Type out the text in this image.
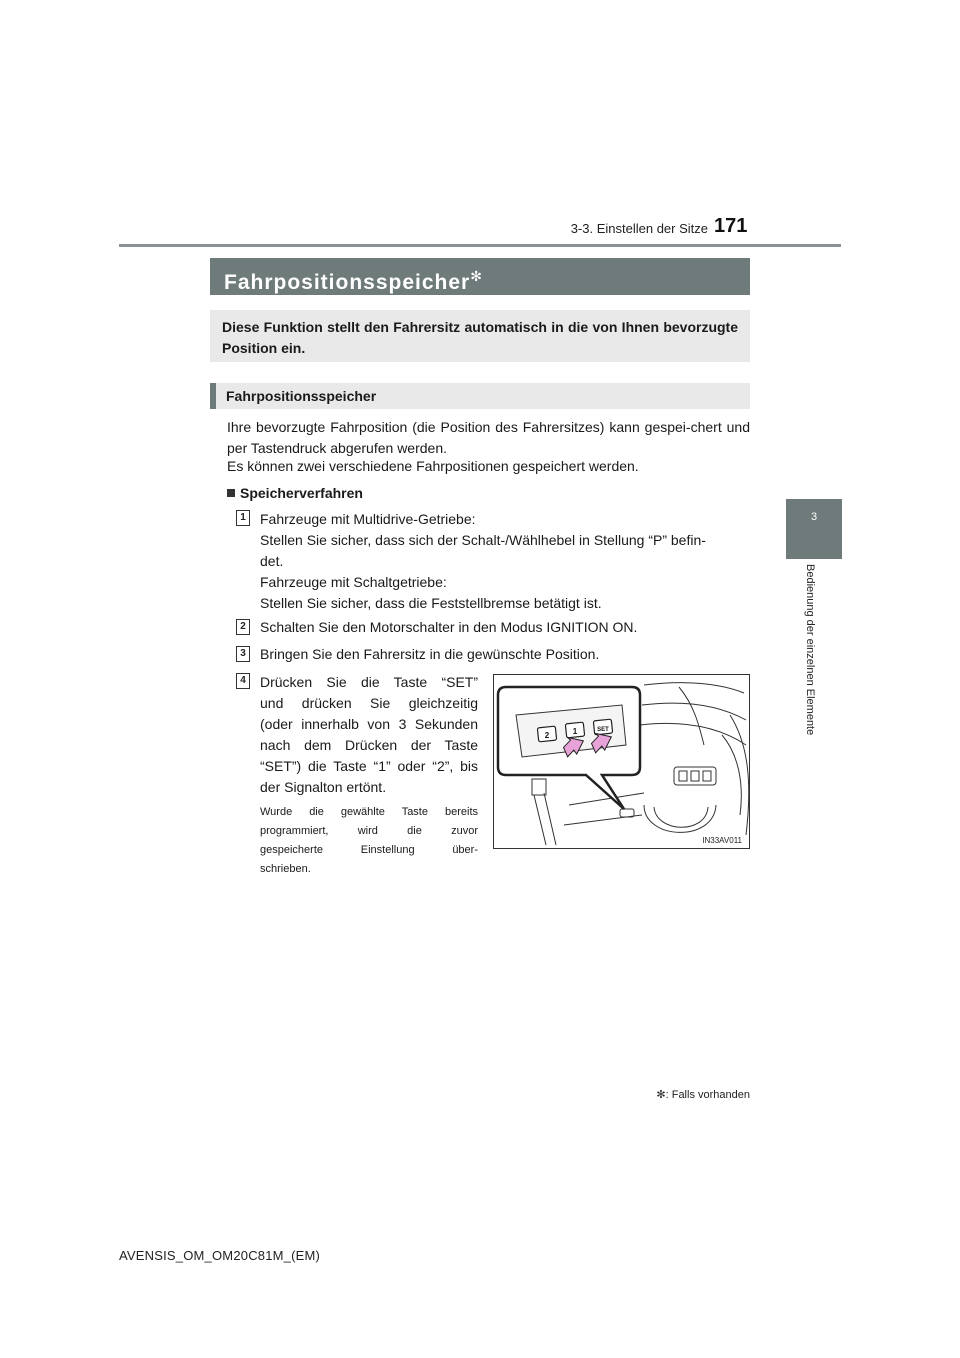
3-3. Einstellen der Sitze 171
3
Bedienung der einzelnen Elemente
Fahrpositionsspeicher✻
Diese Funktion stellt den Fahrersitz automatisch in die von Ihnen bevorzugte Position ein.
Fahrpositionsspeicher
Ihre bevorzugte Fahrposition (die Position des Fahrersitzes) kann gespei-chert und per Tastendruck abgerufen werden.
Es können zwei verschiedene Fahrpositionen gespeichert werden.
Speicherverfahren
1	Fahrzeuge mit Multidrive-Getriebe:
Stellen Sie sicher, dass sich der Schalt-/Wählhebel in Stellung “P” befin-
det.
Fahrzeuge mit Schaltgetriebe:
Stellen Sie sicher, dass die Feststellbremse betätigt ist.
2	Schalten Sie den Motorschalter in den Modus IGNITION ON.
3	Bringen Sie den Fahrersitz in die gewünschte Position.
4	Drücken Sie die Taste “SET”
und drücken Sie gleichzeitig
(oder innerhalb von 3 Sekunden
nach dem Drücken der Taste
“SET”) die Taste “1” oder “2”, bis
der Signalton ertönt.
Wurde die gewählte Taste bereits
programmiert, wird die zuvor
gespeicherte Einstellung über-
schrieben.
2	1	SET
IN33AV011
✻: Falls vorhanden
AVENSIS_OM_OM20C81M_(EM)
